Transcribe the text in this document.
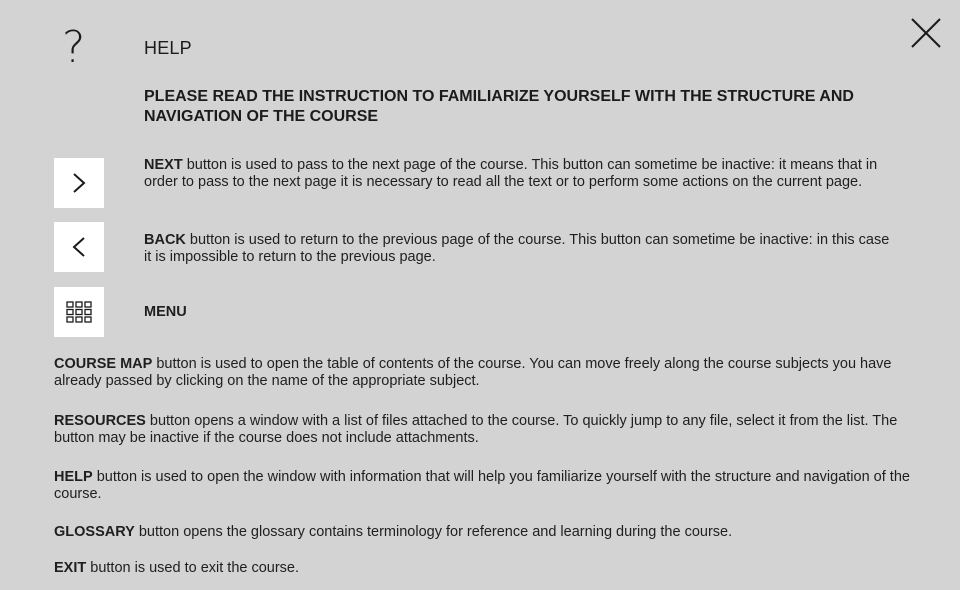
?	HELP
PLEASE READ THE INSTRUCTION TO FAMILIARIZE YOURSELF WITH THE STRUCTURE AND NAVIGATION OF THE COURSE
NEXT button is used to pass to the next page of the course. This button can sometime be inactive: it means that in order to pass to the next page it is necessary to read all the text or to perform some actions on the current page.
BACK button is used to return to the previous page of the course. This button can sometime be inactive: in this case it is impossible to return to the previous page.
MENU
COURSE MAP button is used to open the table of contents of the course. You can move freely along the course subjects you have already passed by clicking on the name of the appropriate subject.
RESOURCES button opens a window with a list of files attached to the course. To quickly jump to any file, select it from the list. The button may be inactive if the course does not include attachments.
HELP button is used to open the window with information that will help you familiarize yourself with the structure and navigation of the course.
GLOSSARY button opens the glossary contains terminology for reference and learning during the course.
EXIT button is used to exit the course.
